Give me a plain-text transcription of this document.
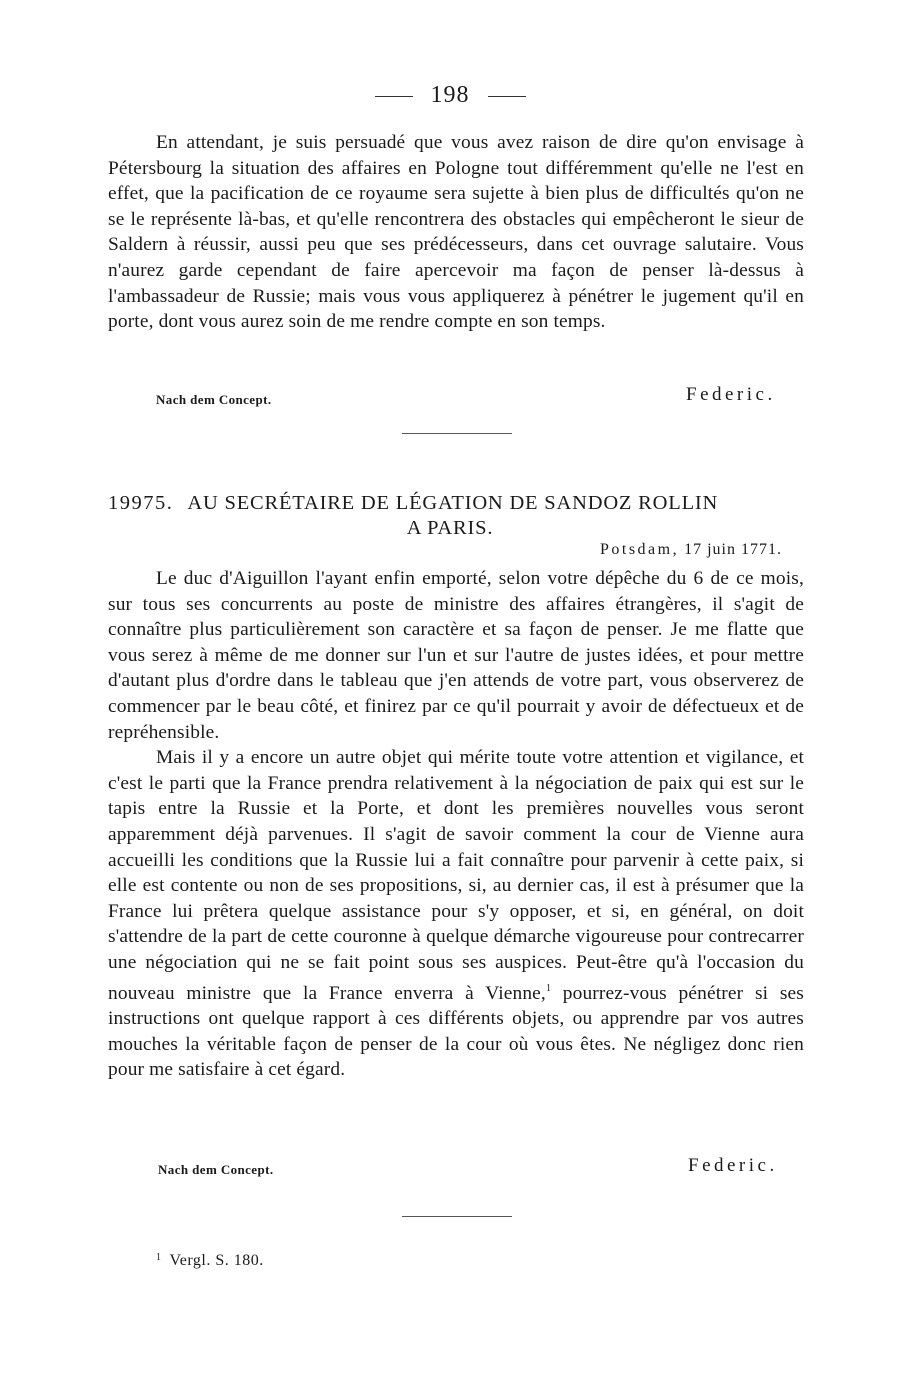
198

En attendant, je suis persuadé que vous avez raison de dire qu'on envisage à Pétersbourg la situation des affaires en Pologne tout différemment qu'elle ne l'est en effet, que la pacification de ce royaume sera sujette à bien plus de difficultés qu'on ne se le représente là-bas, et qu'elle rencontrera des obstacles qui empêcheront le sieur de Saldern à réussir, aussi peu que ses prédécesseurs, dans cet ouvrage salutaire. Vous n'aurez garde cependant de faire apercevoir ma façon de penser là-dessus à l'ambassadeur de Russie; mais vous vous appliquerez à pénétrer le jugement qu'il en porte, dont vous aurez soin de me rendre compte en son temps.

Nach dem Concept.	Federic.
19975. AU SECRÉTAIRE DE LÉGATION DE SANDOZ ROLLIN
A PARIS.
Potsdam, 17 juin 1771.

Le duc d'Aiguillon l'ayant enfin emporté, selon votre dépêche du 6 de ce mois, sur tous ses concurrents au poste de ministre des affaires étrangères, il s'agit de connaître plus particulièrement son caractère et sa façon de penser. Je me flatte que vous serez à même de me donner sur l'un et sur l'autre de justes idées, et pour mettre d'autant plus d'ordre dans le tableau que j'en attends de votre part, vous observerez de commencer par le beau côté, et finirez par ce qu'il pourrait y avoir de défectueux et de repréhensible.

Mais il y a encore un autre objet qui mérite toute votre attention et vigilance, et c'est le parti que la France prendra relativement à la négociation de paix qui est sur le tapis entre la Russie et la Porte, et dont les premières nouvelles vous seront apparemment déjà parvenues. Il s'agit de savoir comment la cour de Vienne aura accueilli les conditions que la Russie lui a fait connaître pour parvenir à cette paix, si elle est contente ou non de ses propositions, si, au dernier cas, il est à présumer que la France lui prêtera quelque assistance pour s'y opposer, et si, en général, on doit s'attendre de la part de cette couronne à quelque démarche vigoureuse pour contrecarrer une négociation qui ne se fait point sous ses auspices. Peut-être qu'à l'occasion du nouveau ministre que la France enverra à Vienne,$^1$ pourrez-vous pénétrer si ses instructions ont quelque rapport à ces différents objets, ou apprendre par vos autres mouches la véritable façon de penser de la cour où vous êtes. Ne négligez donc rien pour me satisfaire à cet égard.

Nach dem Concept.	Federic.
$^1$ Vergl. S. 180.
